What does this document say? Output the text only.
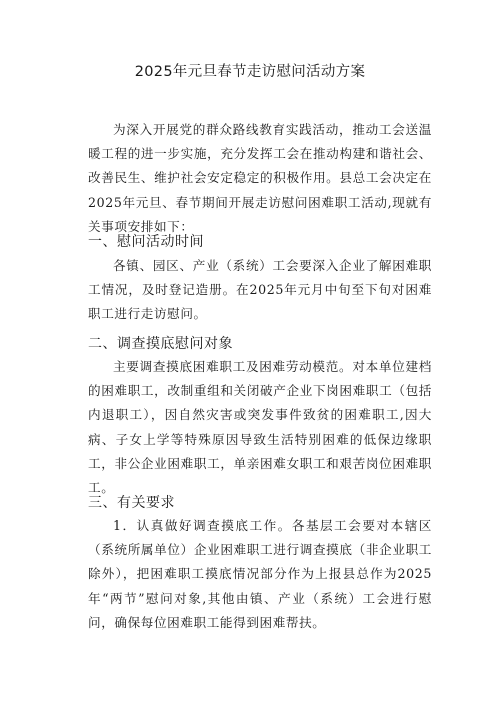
2025年元旦春节走访慰问活动方案

为深入开展党的群众路线教育实践活动，推动工会送温暖工程的进一步实施，充分发挥工会在推动构建和谐社会、改善民生、维护社会安定稳定的积极作用。县总工会决定在2025年元旦、春节期间开展走访慰问困难职工活动,现就有关事项安排如下：

一、慰问活动时间

各镇、园区、产业（系统）工会要深入企业了解困难职工情况，及时登记造册。在2025年元月中旬至下旬对困难职工进行走访慰问。

二、调查摸底慰问对象

主要调查摸底困难职工及困难劳动模范。对本单位建档的困难职工，改制重组和关闭破产企业下岗困难职工（包括内退职工），因自然灾害或突发事件致贫的困难职工,因大病、子女上学等特殊原因导致生活特别困难的低保边缘职工，非公企业困难职工，单亲困难女职工和艰苦岗位困难职工。

三、有关要求

1．认真做好调查摸底工作。各基层工会要对本辖区（系统所属单位）企业困难职工进行调查摸底（非企业职工除外），把困难职工摸底情况部分作为上报县总作为2025年“两节”慰问对象,其他由镇、产业（系统）工会进行慰问，确保每位困难职工能得到困难帮扶。
